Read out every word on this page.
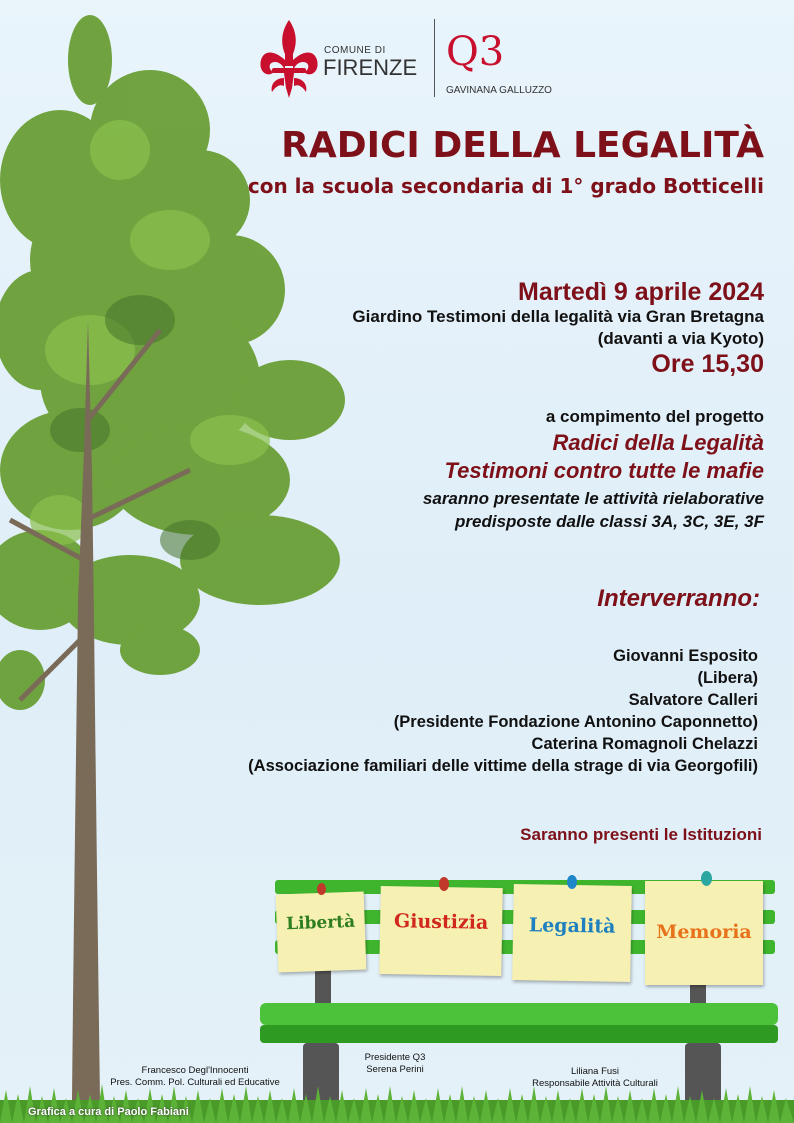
COMUNE DI
FIRENZE Q3
GAVINANA GALLUZZO
RADICI DELLA LEGALITÀ
con la scuola secondaria di 1° grado Botticelli
Martedì 9 aprile 2024
Giardino Testimoni della legalità via Gran Bretagna
(davanti a via Kyoto)
Ore 15,30
a compimento del progetto
Radici della Legalità
Testimoni contro tutte le mafie
saranno presentate le attività rielaborative
predisposte dalle classi 3A, 3C, 3E, 3F
Interverranno:
Giovanni Esposito
(Libera)
Salvatore Calleri
(Presidente Fondazione Antonino Caponnetto)
Caterina Romagnoli Chelazzi
(Associazione familiari delle vittime della strage di via Georgofili)
Saranno presenti le Istituzioni
Libertà	Giustizia	Legalità	Memoria
Francesco Degl'Innocenti
Pres. Comm. Pol. Culturali ed Educative
Presidente Q3
Serena Perini	Liliana Fusi
Responsabile Attività Culturali
Grafica a cura di Paolo Fabiani
